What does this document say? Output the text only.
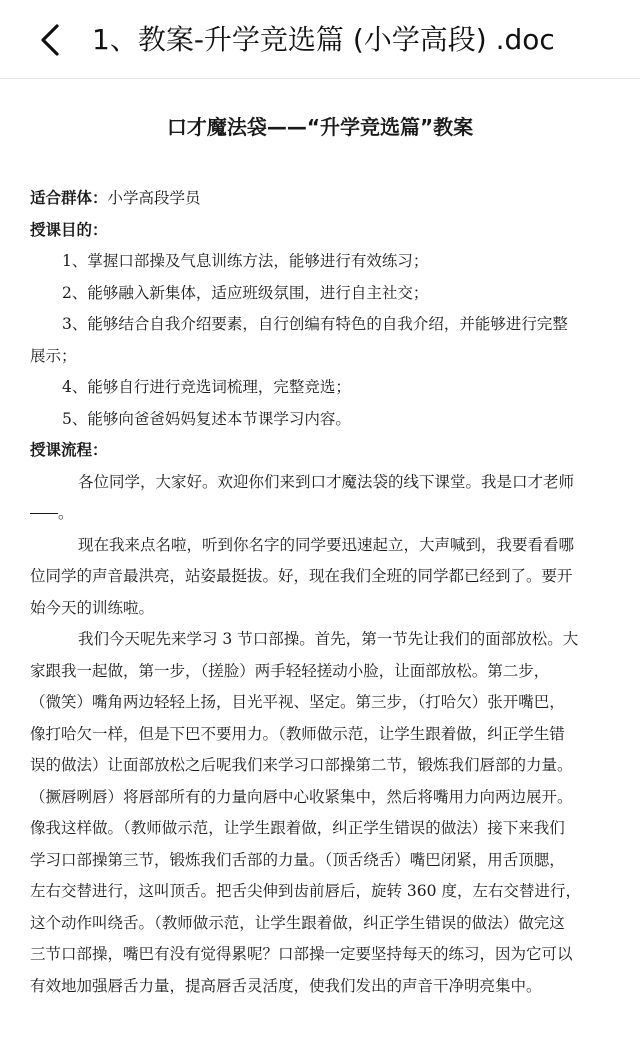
1、教案-升学竞选篇 (小学高段) .doc
口才魔法袋——“升学竞选篇”教案
适合群体：小学高段学员
授课目的：
1、掌握口部操及气息训练方法，能够进行有效练习；
2、能够融入新集体，适应班级氛围，进行自主社交；
3、能够结合自我介绍要素，自行创编有特色的自我介绍，并能够进行完整
展示；
4、能够自行进行竞选词梳理，完整竞选；
5、能够向爸爸妈妈复述本节课学习内容。
授课流程：
各位同学，大家好。欢迎你们来到口才魔法袋的线下课堂。我是口才老师
。
现在我来点名啦，听到你名字的同学要迅速起立，大声喊到，我要看看哪
位同学的声音最洪亮，站姿最挺拔。好，现在我们全班的同学都已经到了。要开
始今天的训练啦。
我们今天呢先来学习 3 节口部操。首先，第一节先让我们的面部放松。大
家跟我一起做，第一步，（搓脸）两手轻轻搓动小脸，让面部放松。第二步，
（微笑）嘴角两边轻轻上扬，目光平视、坚定。第三步，（打哈欠）张开嘴巴，
像打哈欠一样，但是下巴不要用力。（教师做示范，让学生跟着做，纠正学生错
误的做法）让面部放松之后呢我们来学习口部操第二节，锻炼我们唇部的力量。
（撅唇咧唇）将唇部所有的力量向唇中心收紧集中，然后将嘴用力向两边展开。
像我这样做。（教师做示范，让学生跟着做，纠正学生错误的做法）接下来我们
学习口部操第三节，锻炼我们舌部的力量。（顶舌绕舌）嘴巴闭紧，用舌顶腮，
左右交替进行，这叫顶舌。把舌尖伸到齿前唇后，旋转 360 度，左右交替进行，
这个动作叫绕舌。（教师做示范，让学生跟着做，纠正学生错误的做法）做完这
三节口部操，嘴巴有没有觉得累呢？口部操一定要坚持每天的练习，因为它可以
有效地加强唇舌力量，提高唇舌灵活度，使我们发出的声音干净明亮集中。
